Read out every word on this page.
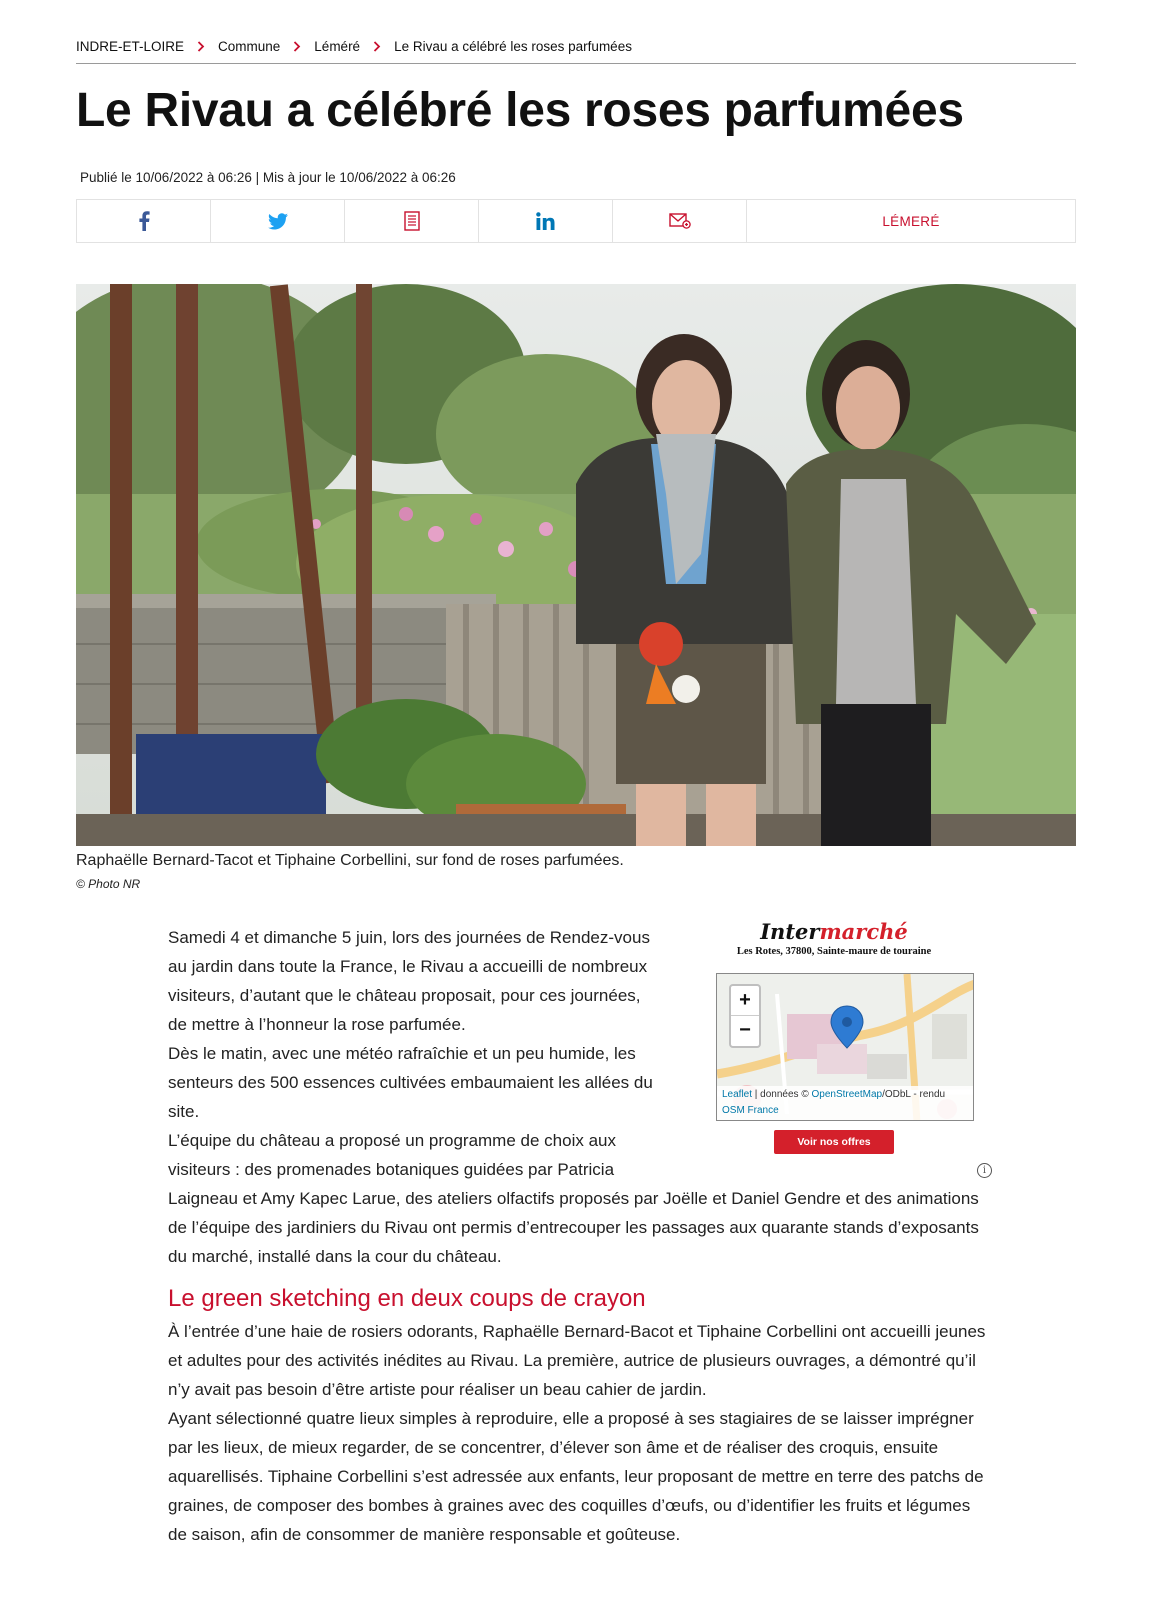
INDRE-ET-LOIRE	Commune	Léméré	Le Rivau a célébré les roses parfumées
Le Rivau a célébré les roses parfumées
Publié le 10/06/2022 à 06:26 | Mis à jour le 10/06/2022 à 06:26
LÉMERÉ
Raphaëlle Bernard-Tacot et Tiphaine Corbellini, sur fond de roses parfumées.
© Photo NR
Intermarché
Les Rotes, 37800, Sainte-maure de touraine
+
−
Leaflet | données © OpenStreetMap/ODbL - rendu OSM France
Voir nos offres
i

Samedi 4 et dimanche 5 juin, lors des journées de Rendez-vous au jardin dans toute la France, le Rivau a accueilli de nombreux visiteurs, d’autant que le château proposait, pour ces journées, de mettre à l’honneur la rose parfumée.

Dès le matin, avec une météo rafraîchie et un peu humide, les senteurs des 500 essences cultivées embaumaient les allées du site.

L’équipe du château a proposé un programme de choix aux visiteurs : des promenades botaniques guidées par Patricia Laigneau et Amy Kapec Larue, des ateliers olfactifs proposés par Joëlle et Daniel Gendre et des animations de l’équipe des jardiniers du Rivau ont permis d’entrecouper les passages aux quarante stands d’exposants du marché, installé dans la cour du château.

Le green sketching en deux coups de crayon

À l’entrée d’une haie de rosiers odorants, Raphaëlle Bernard-Bacot et Tiphaine Corbellini ont accueilli jeunes et adultes pour des activités inédites au Rivau. La première, autrice de plusieurs ouvrages, a démontré qu’il n’y avait pas besoin d’être artiste pour réaliser un beau cahier de jardin.

Ayant sélectionné quatre lieux simples à reproduire, elle a proposé à ses stagiaires de se laisser imprégner par les lieux, de mieux regarder, de se concentrer, d’élever son âme et de réaliser des croquis, ensuite aquarellisés. Tiphaine Corbellini s’est adressée aux enfants, leur proposant de mettre en terre des patchs de graines, de composer des bombes à graines avec des coquilles d’œufs, ou d’identifier les fruits et légumes de saison, afin de consommer de manière responsable et goûteuse.
